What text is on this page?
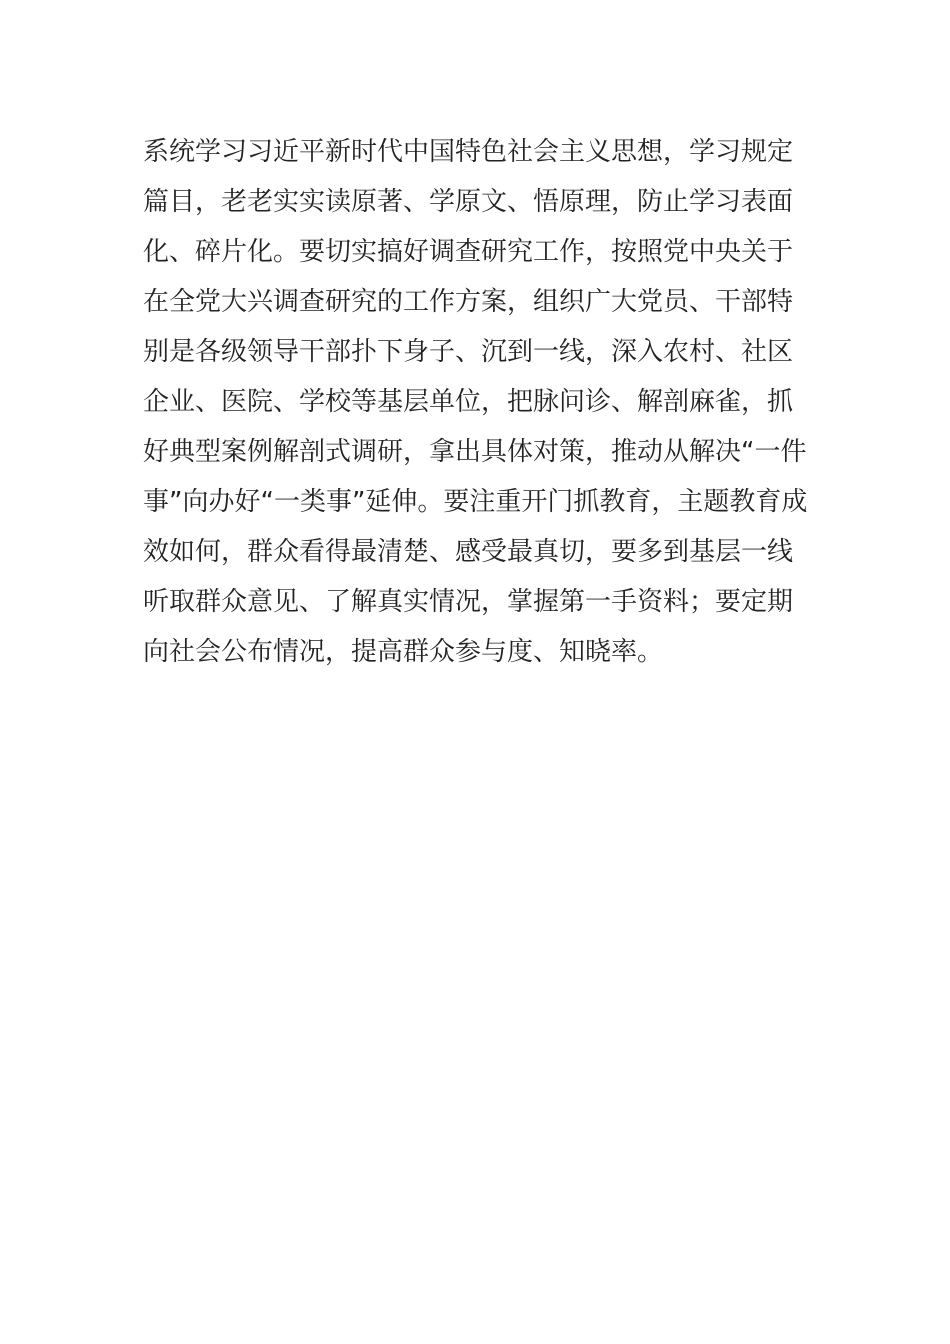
系统学习习近平新时代中国特色社会主义思想，学习规定
篇目，老老实实读原著、学原文、悟原理，防止学习表面
化、碎片化。要切实搞好调查研究工作，按照党中央关于
在全党大兴调查研究的工作方案，组织广大党员、干部特
别是各级领导干部扑下身子、沉到一线，深入农村、社区
企业、医院、学校等基层单位，把脉问诊、解剖麻雀，抓
好典型案例解剖式调研，拿出具体对策，推动从解决“一件
事”向办好“一类事”延伸。要注重开门抓教育，主题教育成
效如何，群众看得最清楚、感受最真切，要多到基层一线
听取群众意见、了解真实情况，掌握第一手资料；要定期
向社会公布情况，提高群众参与度、知晓率。
